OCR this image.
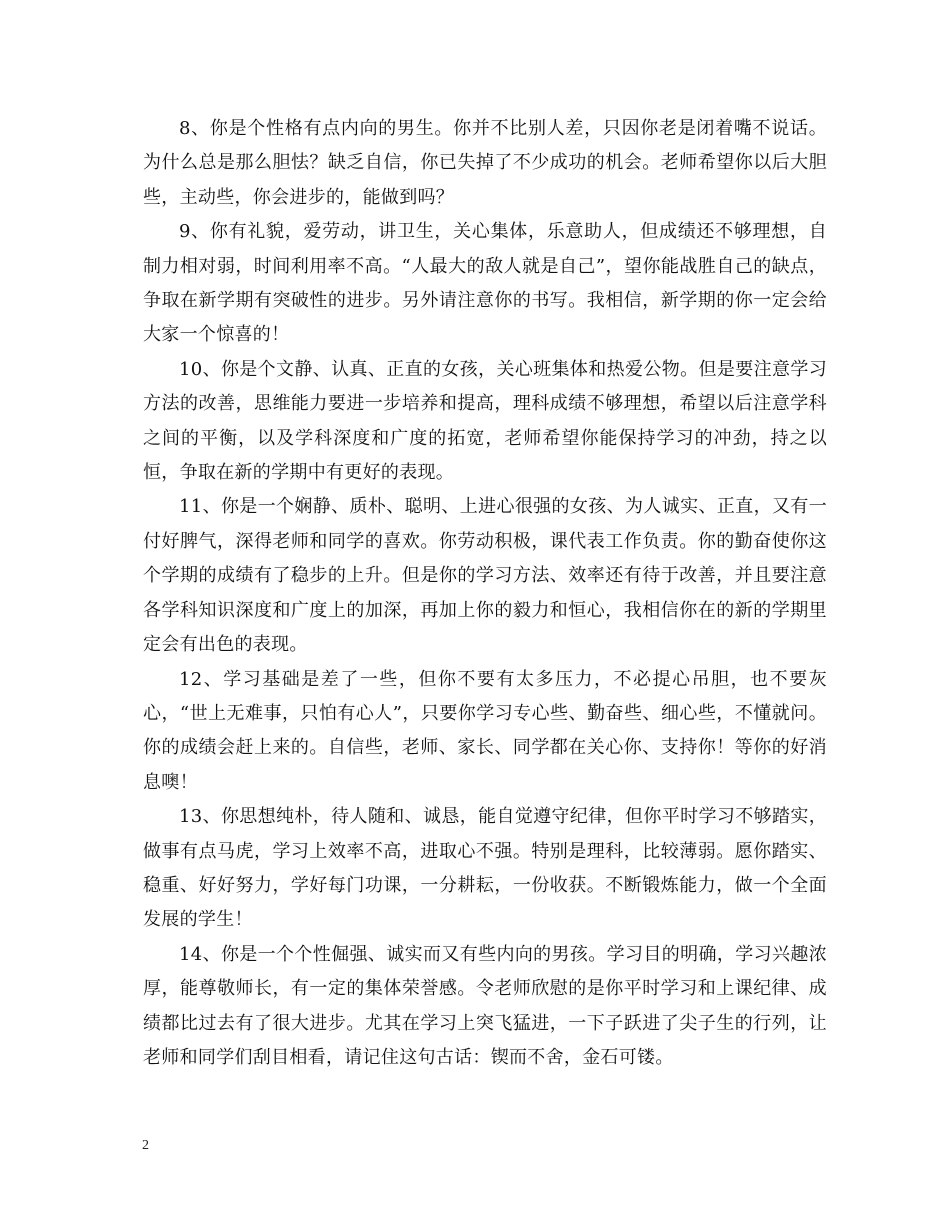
8、你是个性格有点内向的男生。你并不比别人差，只因你老是闭着嘴不说话。为什么总是那么胆怯？缺乏自信，你已失掉了不少成功的机会。老师希望你以后大胆些，主动些，你会进步的，能做到吗？

9、你有礼貌，爱劳动，讲卫生，关心集体，乐意助人，但成绩还不够理想，自制力相对弱，时间利用率不高。“人最大的敌人就是自己”，望你能战胜自己的缺点，争取在新学期有突破性的进步。另外请注意你的书写。我相信，新学期的你一定会给大家一个惊喜的！

10、你是个文静、认真、正直的女孩，关心班集体和热爱公物。但是要注意学习方法的改善，思维能力要进一步培养和提高，理科成绩不够理想，希望以后注意学科之间的平衡，以及学科深度和广度的拓宽，老师希望你能保持学习的冲劲，持之以恒，争取在新的学期中有更好的表现。

11、你是一个娴静、质朴、聪明、上进心很强的女孩、为人诚实、正直，又有一付好脾气，深得老师和同学的喜欢。你劳动积极，课代表工作负责。你的勤奋使你这个学期的成绩有了稳步的上升。但是你的学习方法、效率还有待于改善，并且要注意各学科知识深度和广度上的加深，再加上你的毅力和恒心，我相信你在的新的学期里定会有出色的表现。

12、学习基础是差了一些，但你不要有太多压力，不必提心吊胆，也不要灰心，“世上无难事，只怕有心人”，只要你学习专心些、勤奋些、细心些，不懂就问。你的成绩会赶上来的。自信些，老师、家长、同学都在关心你、支持你！等你的好消息噢！

13、你思想纯朴，待人随和、诚恳，能自觉遵守纪律，但你平时学习不够踏实，做事有点马虎，学习上效率不高，进取心不强。特别是理科，比较薄弱。愿你踏实、稳重、好好努力，学好每门功课，一分耕耘，一份收获。不断锻炼能力，做一个全面发展的学生！

14、你是一个个性倔强、诚实而又有些内向的男孩。学习目的明确，学习兴趣浓厚，能尊敬师长，有一定的集体荣誉感。令老师欣慰的是你平时学习和上课纪律、成绩都比过去有了很大进步。尤其在学习上突飞猛进，一下子跃进了尖子生的行列，让老师和同学们刮目相看，请记住这句古话：锲而不舍，金石可镂。

2
